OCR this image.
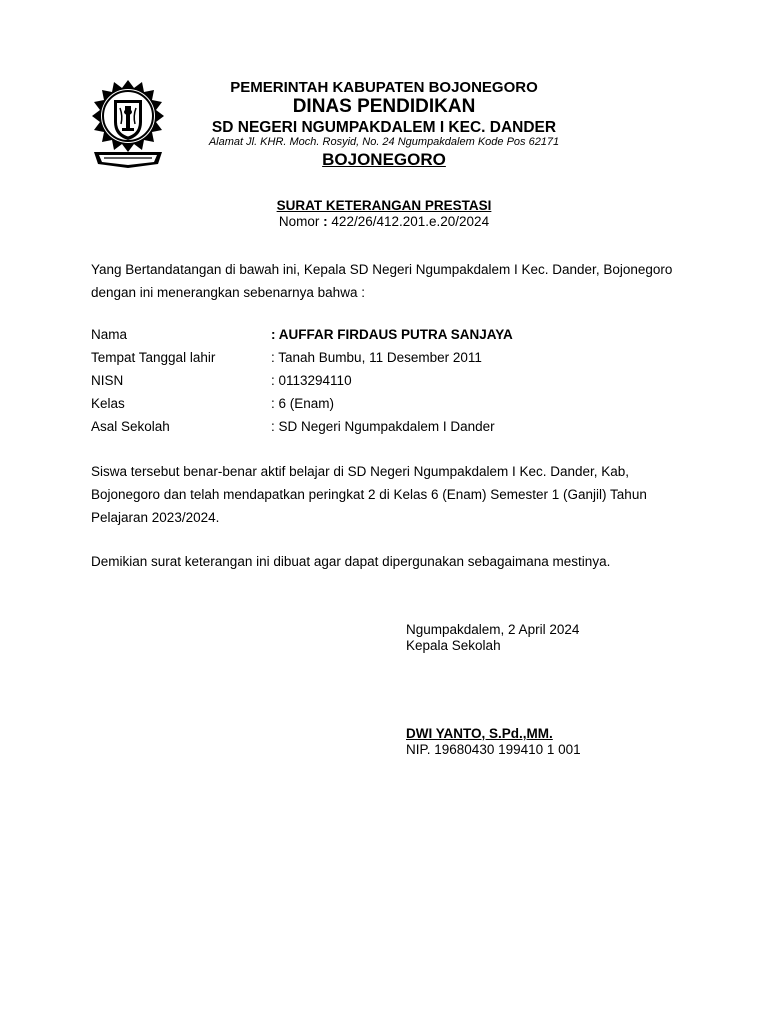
PEMERINTAH KABUPATEN BOJONEGORO
DINAS PENDIDIKAN
SD NEGERI NGUMPAKDALEM I KEC. DANDER
Alamat Jl. KHR. Moch. Rosyid, No. 24 Ngumpakdalem Kode Pos 62171
BOJONEGORO
SURAT KETERANGAN PRESTASI
Nomor : 422/26/412.201.e.20/2024
Yang Bertandatangan di bawah ini, Kepala SD Negeri Ngumpakdalem I Kec. Dander, Bojonegoro dengan ini menerangkan sebenarnya bahwa :
Nama	: AUFFAR FIRDAUS PUTRA SANJAYA
Tempat Tanggal lahir	: Tanah Bumbu, 11 Desember 2011
NISN	: 0113294110
Kelas	: 6 (Enam)
Asal Sekolah	: SD Negeri Ngumpakdalem I Dander
Siswa tersebut benar-benar aktif belajar di SD Negeri Ngumpakdalem I Kec. Dander, Kab, Bojonegoro dan telah mendapatkan peringkat 2 di Kelas 6 (Enam) Semester 1 (Ganjil) Tahun Pelajaran 2023/2024.
Demikian surat keterangan ini dibuat agar dapat dipergunakan sebagaimana mestinya.
Ngumpakdalem, 2 April 2024
Kepala Sekolah
DWI YANTO, S.Pd.,MM.
NIP. 19680430 199410 1 001
